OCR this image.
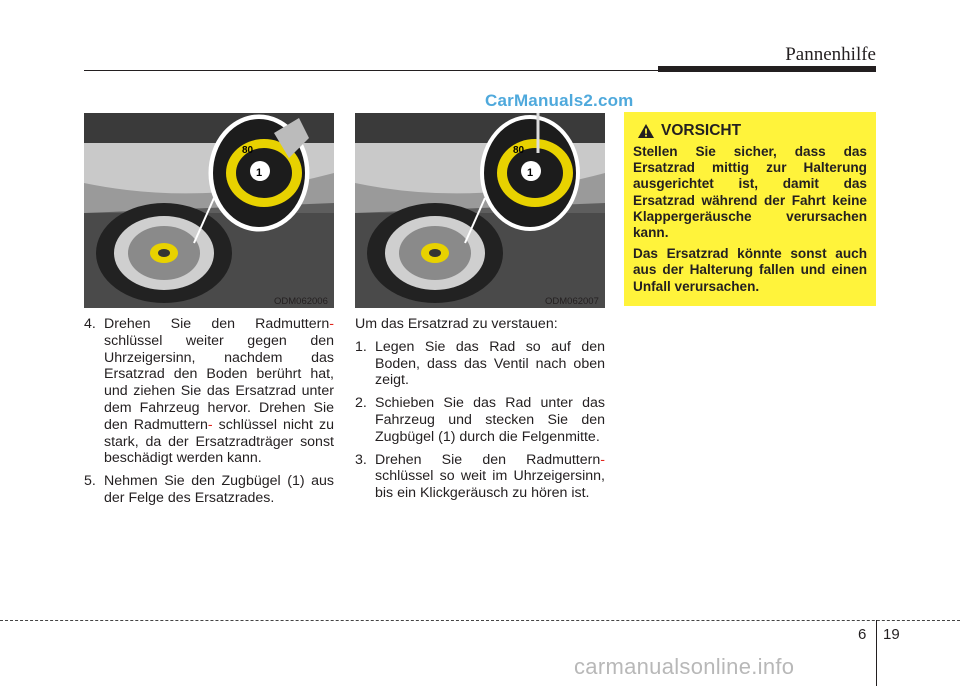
Pannenhilfe
CarManuals2.com
1
80
ODM062006
1
80
ODM062007
4. Drehen Sie den Radmuttern- schlüssel weiter gegen den Uhrzeigersinn, nachdem das Ersatzrad den Boden berührt hat, und ziehen Sie das Ersatzrad unter dem Fahrzeug hervor. Drehen Sie den Radmuttern- schlüssel nicht zu stark, da der Ersatzradträger sonst beschädigt werden kann.
5. Nehmen Sie den Zugbügel (1) aus der Felge des Ersatzrades.
Um das Ersatzrad zu verstauen:
1. Legen Sie das Rad so auf den Boden, dass das Ventil nach oben zeigt.
2. Schieben Sie das Rad unter das Fahrzeug und stecken Sie den Zugbügel (1) durch die Felgenmitte.
3. Drehen Sie den Radmuttern- schlüssel so weit im Uhrzeigersinn, bis ein Klickgeräusch zu hören ist.
VORSICHT

Stellen Sie sicher, dass das Ersatzrad mittig zur Halterung ausgerichtet ist, damit das Ersatzrad während der Fahrt keine Klappergeräusche verursachen kann.

Das Ersatzrad könnte sonst auch aus der Halterung fallen und einen Unfall verursachen.

6 19
carmanualsonline.info
